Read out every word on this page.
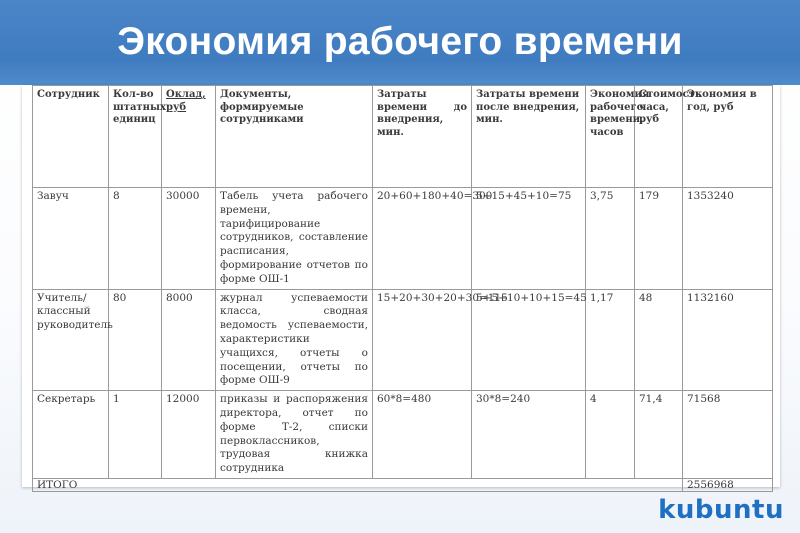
Экономия рабочего времени
Сотрудник	Кол-во штатных единиц	Оклад, руб	Документы, формируемые сотрудниками	Затраты времени до внедрения, мин.	Затраты времени после внедрения, мин.	Экономия рабочего времени, часов	Стоимость часа, руб	Экономия в год, руб
Завуч	8	30000	Табель учета рабочего времени, тарифицирование сотрудников, составление расписания, формирование отчетов по форме ОШ-1	20+60+180+40=300	5+15+45+10=75	3,75	179	1353240
Учитель/ классный руководитель	80	8000	журнал успеваемости класса, сводная ведомость успеваемости, характеристики учащихся, отчеты о посещении, отчеты по форме ОШ-9	15+20+30+20+30=115	5+5+10+10+15=45	1,17	48	1132160
Секретарь	1	12000	приказы и распоряжения директора, отчет по форме Т-2, списки первоклассников, трудовая книжка сотрудника	60*8=480	30*8=240	4	71,4	71568
ИТОГО								2556968
kubuntu
